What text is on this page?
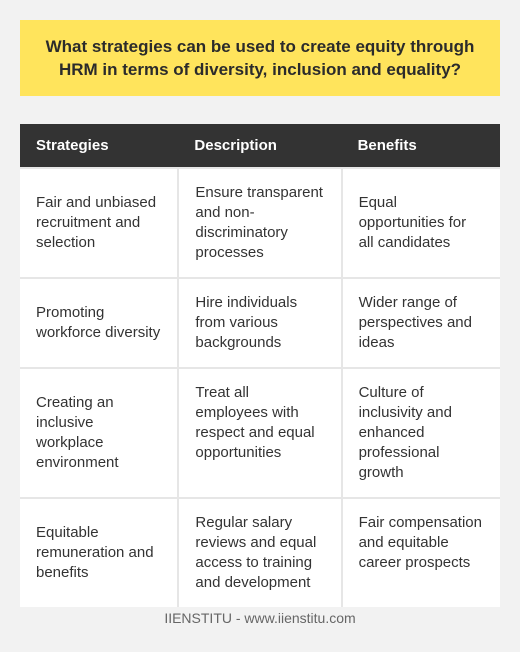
What strategies can be used to create equity through HRM in terms of diversity, inclusion and equality?
Strategies	Description	Benefits
Fair and unbiased recruitment and selection	Ensure transparent and non-discriminatory processes	Equal opportunities for all candidates
Promoting workforce diversity	Hire individuals from various backgrounds	Wider range of perspectives and ideas
Creating an inclusive workplace environment	Treat all employees with respect and equal opportunities	Culture of inclusivity and enhanced professional growth
Equitable remuneration and benefits	Regular salary reviews and equal access to training and development	Fair compensation and equitable career prospects
IIENSTITU - www.iienstitu.com
